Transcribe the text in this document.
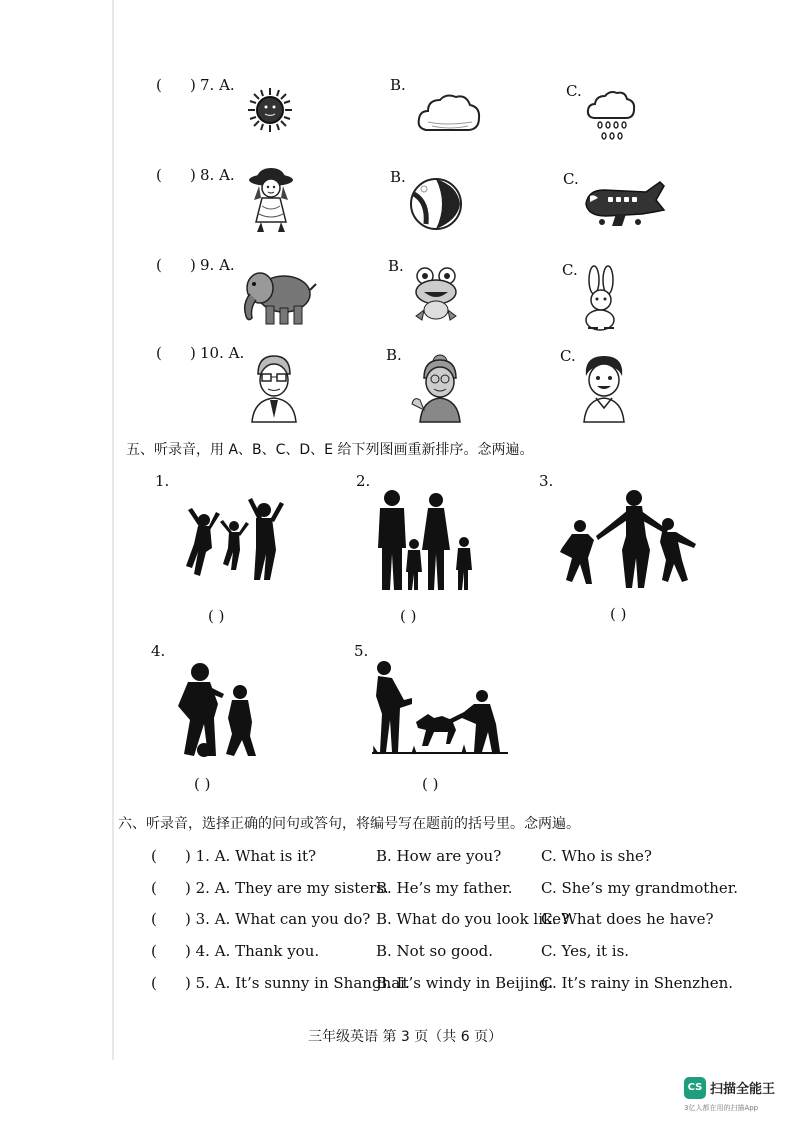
( ) 7. A.	B.	C.
( ) 8. A.	B.	C.
( ) 9. A.	B.	C.
( ) 10. A.	B.	C.
五、听录音，用 A、B、C、D、E 给下列图画重新排序。念两遍。
1.	2.	3.
4.	5.
( )	( )	( )
( )	( )
六、听录音，选择正确的问句或答句，将编号写在题前的括号里。念两遍。
( ) 1. A. What is it?	B. How are you?	C. Who is she?
( ) 2. A. They are my sisters.
B. He’s my father. C. She’s my grandmother.
( ) 3. A. What can you do? B. What do you look like?
C. What does he have?
( ) 4. A. Thank you.	B. Not so good.	C. Yes, it is.
( ) 5. A. It’s sunny in Shanghai.
B. It’s windy in Beijing.
C. It’s rainy in Shenzhen.
三年级英语 第 3 页（共 6 页）
CS 扫描全能王
3亿人都在用的扫描App
